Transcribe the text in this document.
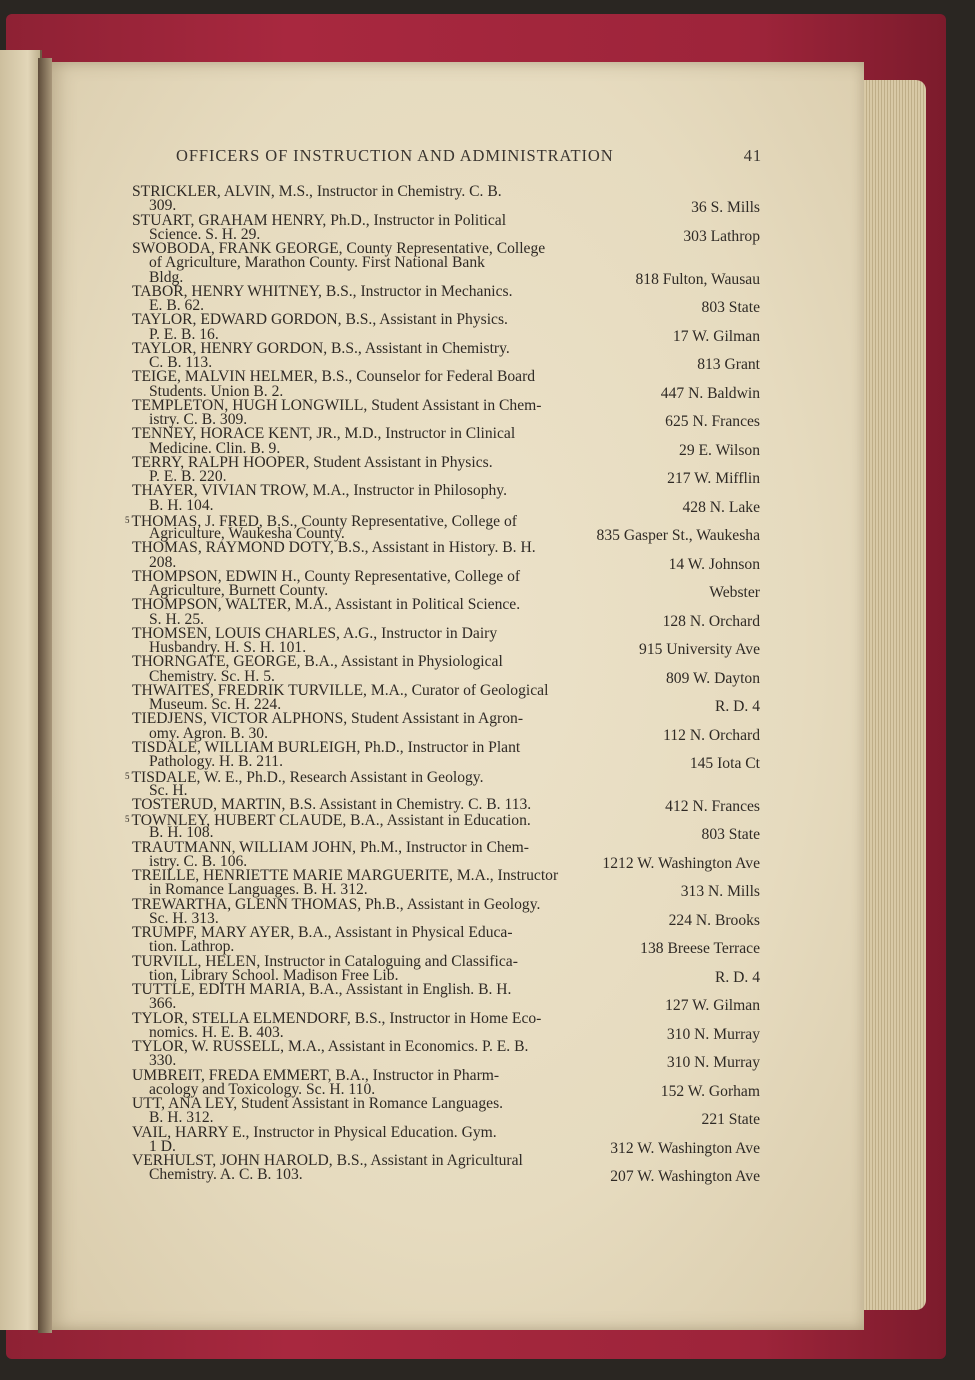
OFFICERS OF INSTRUCTION AND ADMINISTRATION	41
STRICKLER, ALVIN, M.S., Instructor in Chemistry. C. B.
309.	36 S. Mills
STUART, GRAHAM HENRY, Ph.D., Instructor in Political
Science. S. H. 29.	303 Lathrop
SWOBODA, FRANK GEORGE, County Representative, College
of Agriculture, Marathon County. First National Bank
Bldg.	818 Fulton, Wausau
TABOR, HENRY WHITNEY, B.S., Instructor in Mechanics.
E. B. 62.	803 State
TAYLOR, EDWARD GORDON, B.S., Assistant in Physics.
P. E. B. 16.	17 W. Gilman
TAYLOR, HENRY GORDON, B.S., Assistant in Chemistry.
C. B. 113.	813 Grant
TEIGE, MALVIN HELMER, B.S., Counselor for Federal Board
Students. Union B. 2.	447 N. Baldwin
TEMPLETON, HUGH LONGWILL, Student Assistant in Chem-
istry. C. B. 309.	625 N. Frances
TENNEY, HORACE KENT, JR., M.D., Instructor in Clinical
Medicine. Clin. B. 9.	29 E. Wilson
TERRY, RALPH HOOPER, Student Assistant in Physics.
P. E. B. 220.	217 W. Mifflin
THAYER, VIVIAN TROW, M.A., Instructor in Philosophy.
B. H. 104.	428 N. Lake
5 THOMAS, J. FRED, B.S., County Representative, College of
Agriculture, Waukesha County.	835 Gasper St., Waukesha
THOMAS, RAYMOND DOTY, B.S., Assistant in History. B. H.
208.	14 W. Johnson
THOMPSON, EDWIN H., County Representative, College of
Agriculture, Burnett County.	Webster
THOMPSON, WALTER, M.A., Assistant in Political Science.
S. H. 25.	128 N. Orchard
THOMSEN, LOUIS CHARLES, A.G., Instructor in Dairy
Husbandry. H. S. H. 101.	915 University Ave
THORNGATE, GEORGE, B.A., Assistant in Physiological
Chemistry. Sc. H. 5.	809 W. Dayton
THWAITES, FREDRIK TURVILLE, M.A., Curator of Geological
Museum. Sc. H. 224.	R. D. 4
TIEDJENS, VICTOR ALPHONS, Student Assistant in Agron-
omy. Agron. B. 30.	112 N. Orchard
TISDALE, WILLIAM BURLEIGH, Ph.D., Instructor in Plant
Pathology. H. B. 211.	145 Iota Ct
5 TISDALE, W. E., Ph.D., Research Assistant in Geology.
Sc. H.
TOSTERUD, MARTIN, B.S. Assistant in Chemistry. C. B. 113.	412 N. Frances
5 TOWNLEY, HUBERT CLAUDE, B.A., Assistant in Education.
B. H. 108.	803 State
TRAUTMANN, WILLIAM JOHN, Ph.M., Instructor in Chem-
istry. C. B. 106.	1212 W. Washington Ave
TREILLE, HENRIETTE MARIE MARGUERITE, M.A., Instructor
in Romance Languages. B. H. 312.	313 N. Mills
TREWARTHA, GLENN THOMAS, Ph.B., Assistant in Geology.
Sc. H. 313.	224 N. Brooks
TRUMPF, MARY AYER, B.A., Assistant in Physical Educa-
tion. Lathrop.	138 Breese Terrace
TURVILL, HELEN, Instructor in Cataloguing and Classifica-
tion, Library School. Madison Free Lib.	R. D. 4
TUTTLE, EDITH MARIA, B.A., Assistant in English. B. H.
366.	127 W. Gilman
TYLOR, STELLA ELMENDORF, B.S., Instructor in Home Eco-
nomics. H. E. B. 403.	310 N. Murray
TYLOR, W. RUSSELL, M.A., Assistant in Economics. P. E. B.
330.	310 N. Murray
UMBREIT, FREDA EMMERT, B.A., Instructor in Pharm-
acology and Toxicology. Sc. H. 110.	152 W. Gorham
UTT, ANA LEY, Student Assistant in Romance Languages.
B. H. 312.	221 State
VAIL, HARRY E., Instructor in Physical Education. Gym.
1 D.	312 W. Washington Ave
VERHULST, JOHN HAROLD, B.S., Assistant in Agricultural
Chemistry. A. C. B. 103.	207 W. Washington Ave
